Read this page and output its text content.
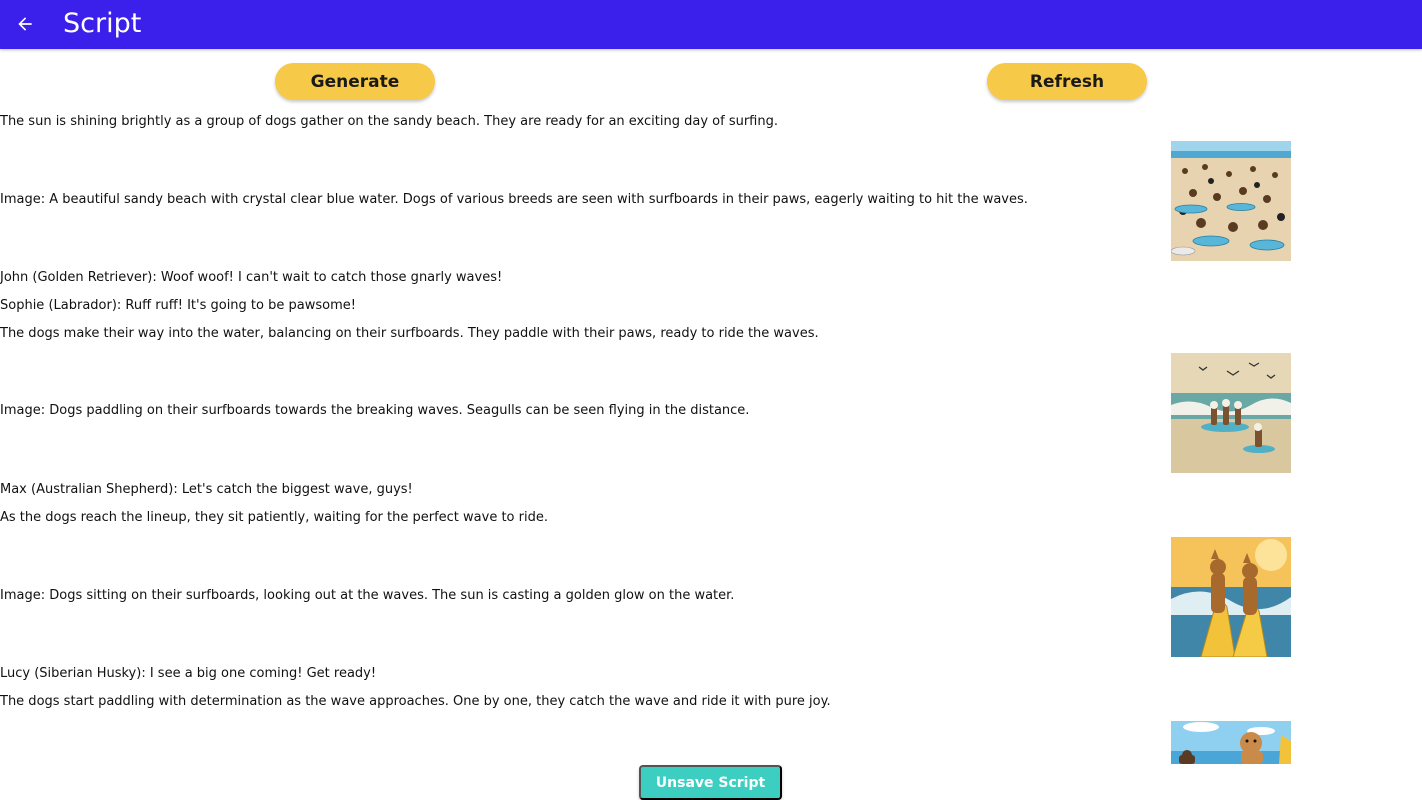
Script
Generate	Refresh
The sun is shining brightly as a group of dogs gather on the sandy beach. They are ready for an exciting day of surfing.
Image: A beautiful sandy beach with crystal clear blue water. Dogs of various breeds are seen with surfboards in their paws, eagerly waiting to hit the waves.
John (Golden Retriever): Woof woof! I can't wait to catch those gnarly waves!
Sophie (Labrador): Ruff ruff! It's going to be pawsome!
The dogs make their way into the water, balancing on their surfboards. They paddle with their paws, ready to ride the waves.
Image: Dogs paddling on their surfboards towards the breaking waves. Seagulls can be seen flying in the distance.
Max (Australian Shepherd): Let's catch the biggest wave, guys!
As the dogs reach the lineup, they sit patiently, waiting for the perfect wave to ride.
Image: Dogs sitting on their surfboards, looking out at the waves. The sun is casting a golden glow on the water.
Lucy (Siberian Husky): I see a big one coming! Get ready!
The dogs start paddling with determination as the wave approaches. One by one, they catch the wave and ride it with pure joy.
Unsave Script
